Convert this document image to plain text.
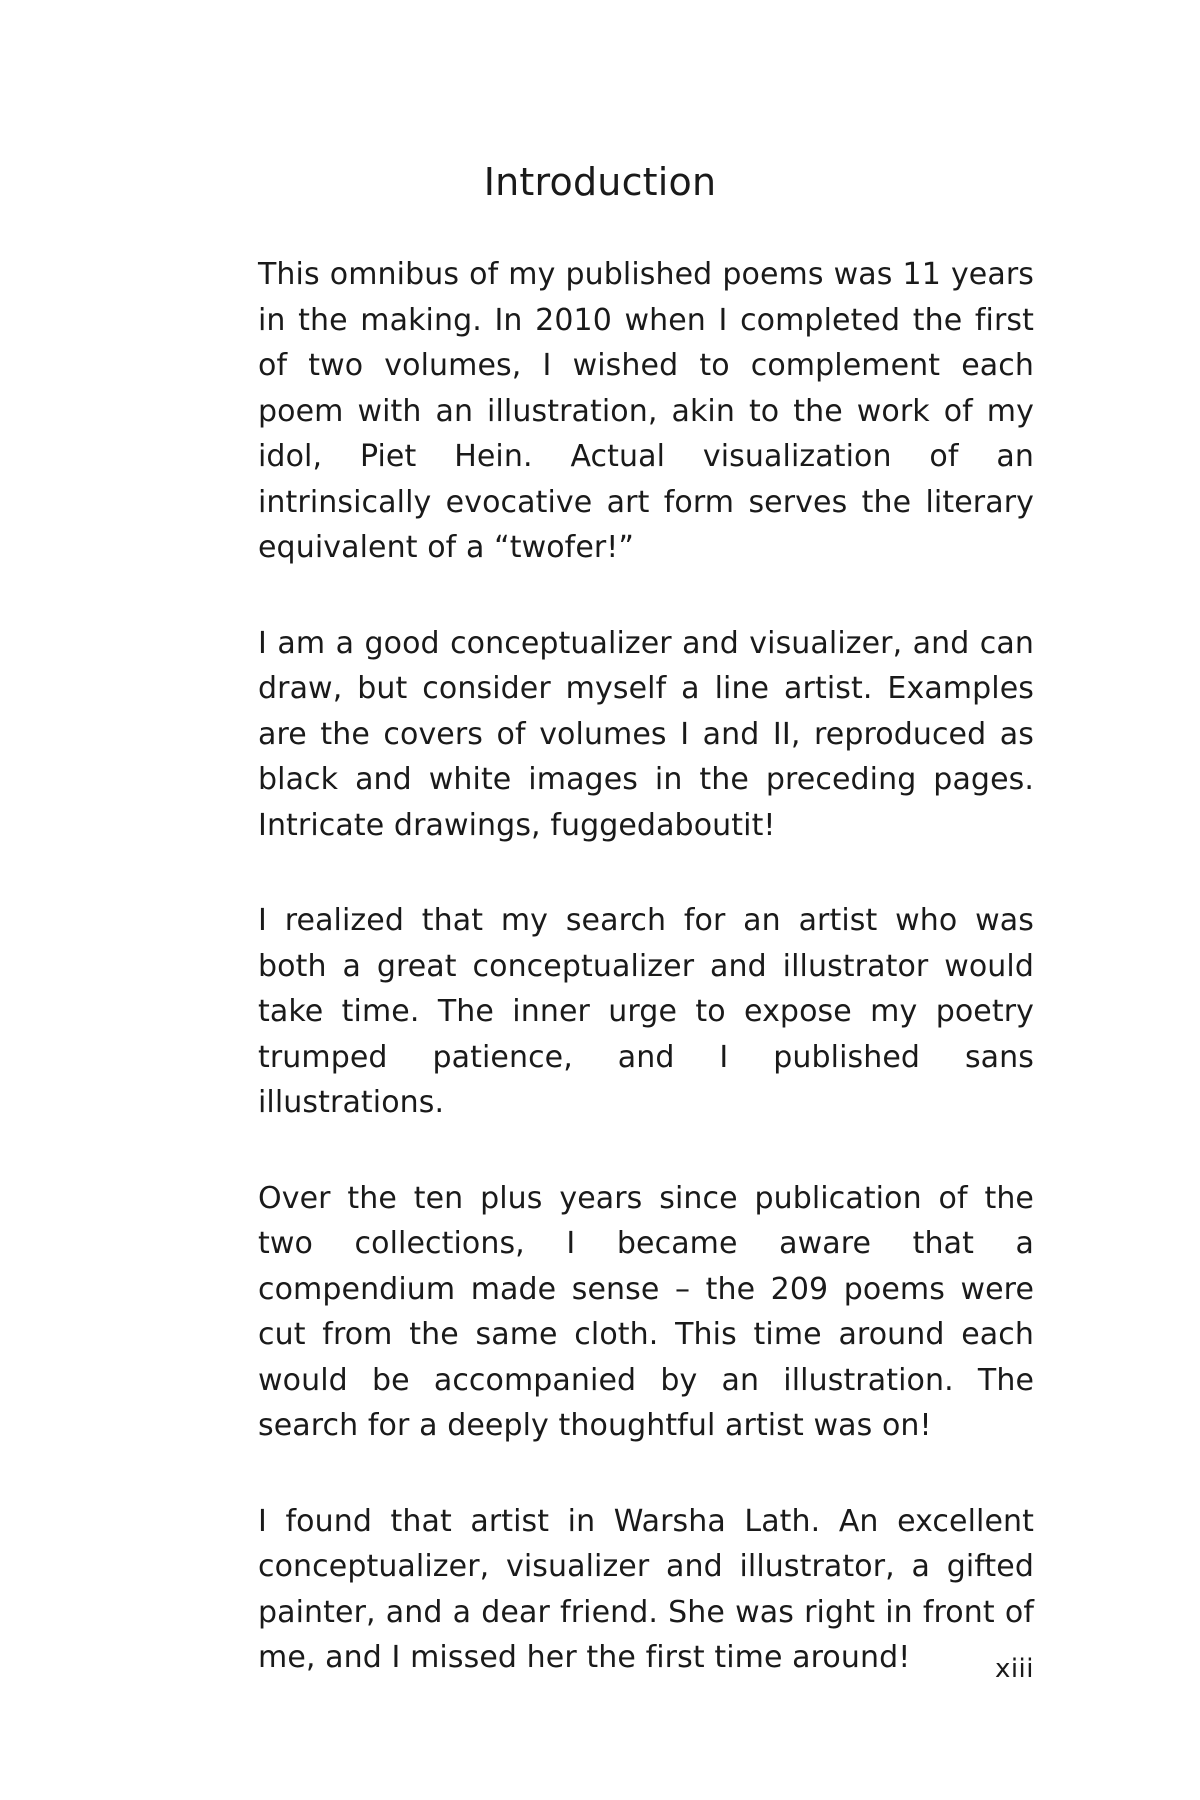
Introduction

This omnibus of my published poems was 11 years in the making. In 2010 when I completed the first of two volumes, I wished to complement each poem with an illustration, akin to the work of my idol, Piet Hein. Actual visualization of an intrinsically evocative art form serves the literary equivalent of a “twofer!”

I am a good conceptualizer and visualizer, and can draw, but consider myself a line artist. Examples are the covers of volumes I and II, reproduced as black and white images in the preceding pages. Intricate drawings, fuggedaboutit!

I realized that my search for an artist who was both a great conceptualizer and illustrator would take time. The inner urge to expose my poetry trumped patience, and I published sans illustrations.

Over the ten plus years since publication of the two collections, I became aware that a compendium made sense – the 209 poems were cut from the same cloth. This time around each would be accompanied by an illustration. The search for a deeply thoughtful artist was on!

I found that artist in Warsha Lath. An excellent conceptualizer, visualizer and illustrator, a gifted painter, and a dear friend. She was right in front of me, and I missed her the first time around!	xiii
